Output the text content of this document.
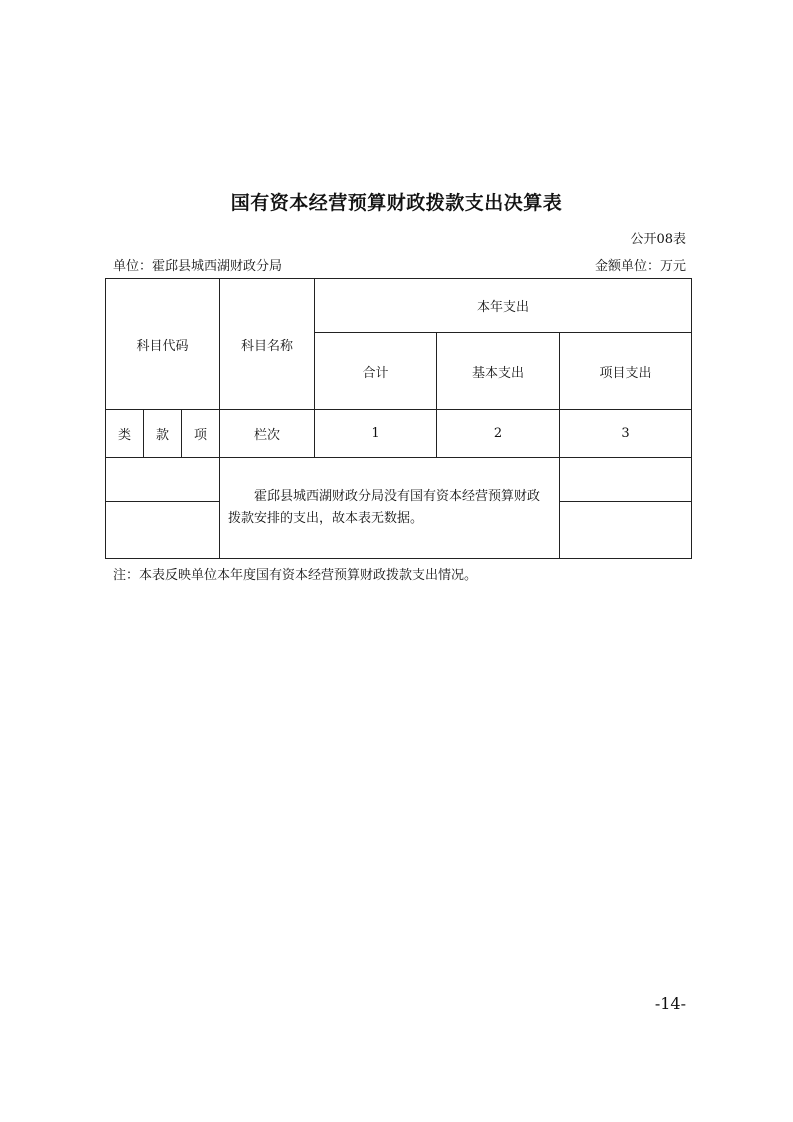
国有资本经营预算财政拨款支出决算表
公开08表
单位：霍邱县城西湖财政分局	金额单位：万元
科目代码			科目名称	本年支出		
				合计	基本支出	项目支出
类	款	项	栏次	1	2	3
			霍邱县城西湖财政分局没有国有资本经营预算财政拨款安排的支出，故本表无数据。			

注：本表反映单位本年度国有资本经营预算财政拨款支出情况。
-14-
